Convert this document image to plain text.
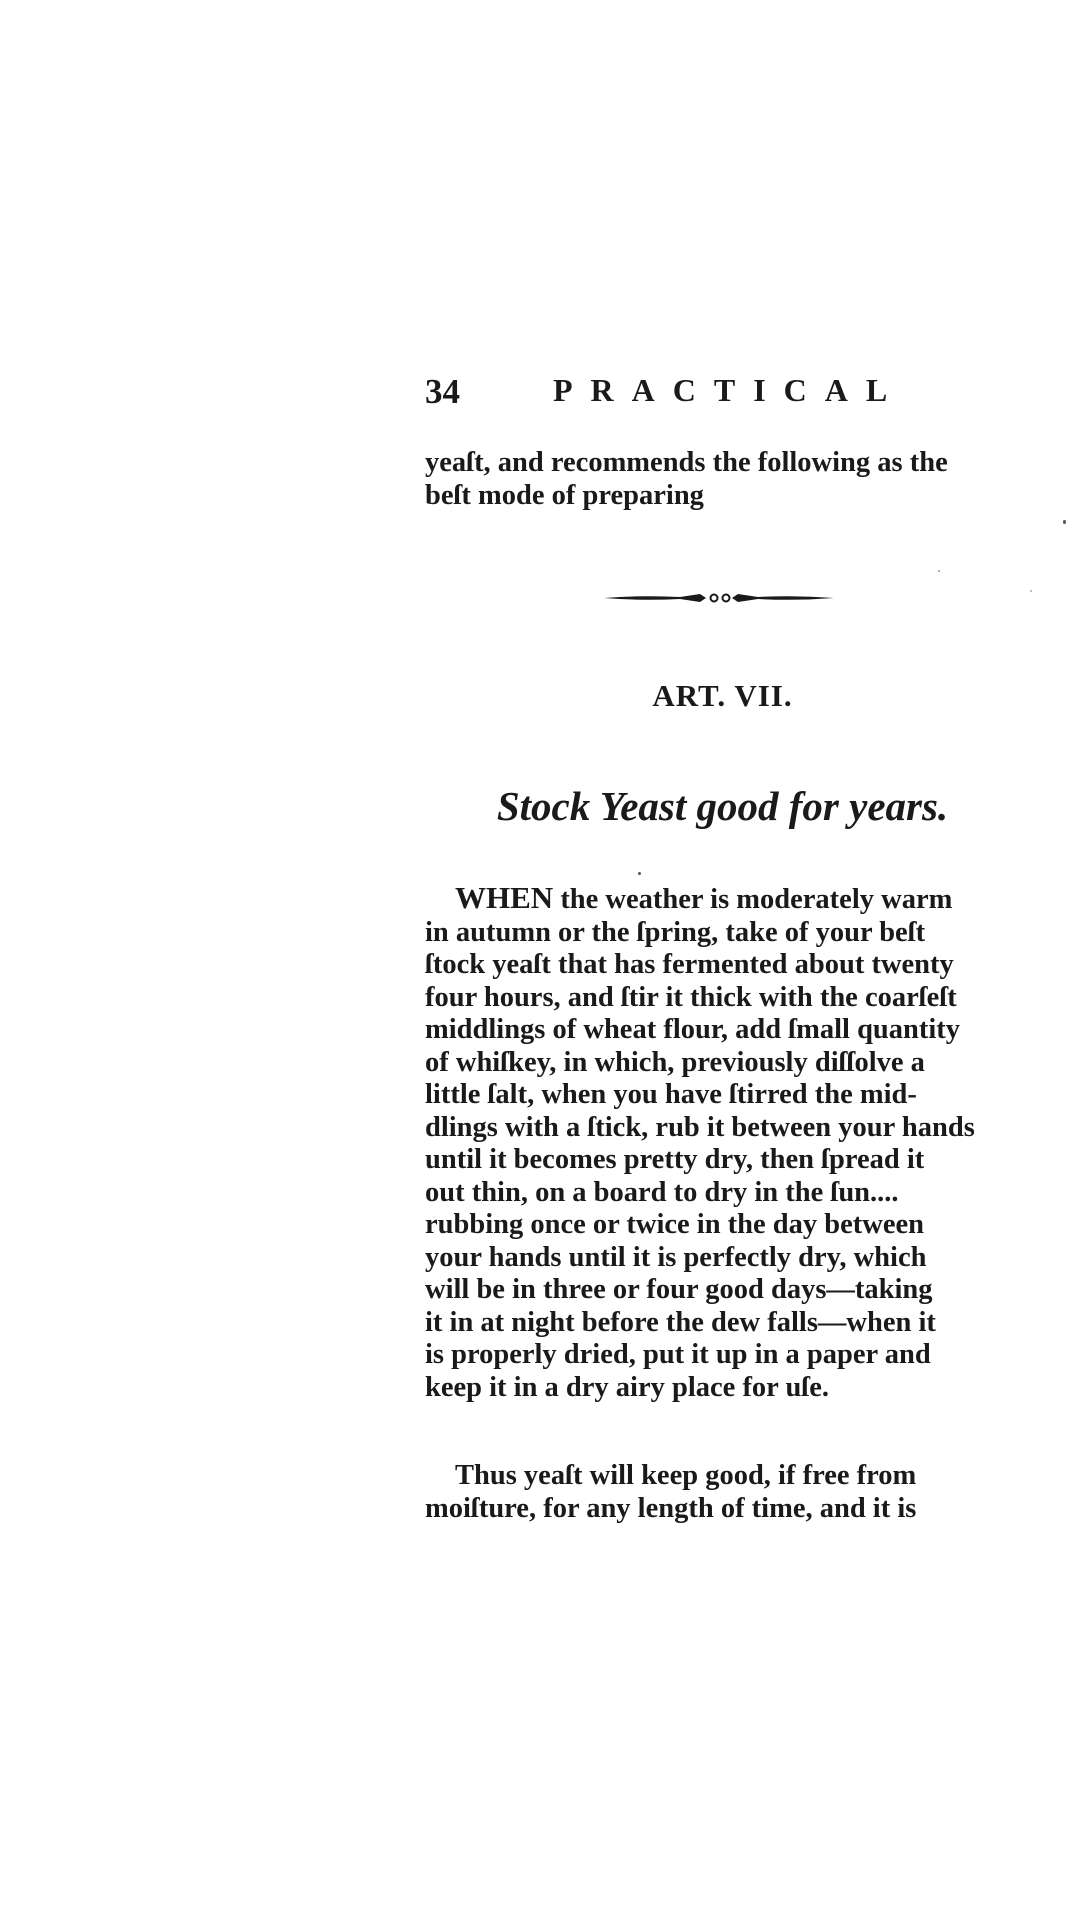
34	PRACTICAL
yeaſt, and recommends the following as the
beſt mode of preparing
ART. VII.
Stock Yeast good for years.
WHEN the weather is moderately warm
in autumn or the ſpring, take of your beſt
ſtock yeaſt that has fermented about twenty
four hours, and ſtir it thick with the coarſeſt
middlings of wheat flour, add ſmall quantity
of whiſkey, in which, previously diſſolve a
little ſalt, when you have ſtirred the mid-
dlings with a ſtick, rub it between your hands
until it becomes pretty dry, then ſpread it
out thin, on a board to dry in the ſun....
rubbing once or twice in the day between
your hands until it is perfectly dry, which
will be in three or four good days—taking
it in at night before the dew falls—when it
is properly dried, put it up in a paper and
keep it in a dry airy place for uſe.
Thus yeaſt will keep good, if free from
moiſture, for any length of time, and it is
